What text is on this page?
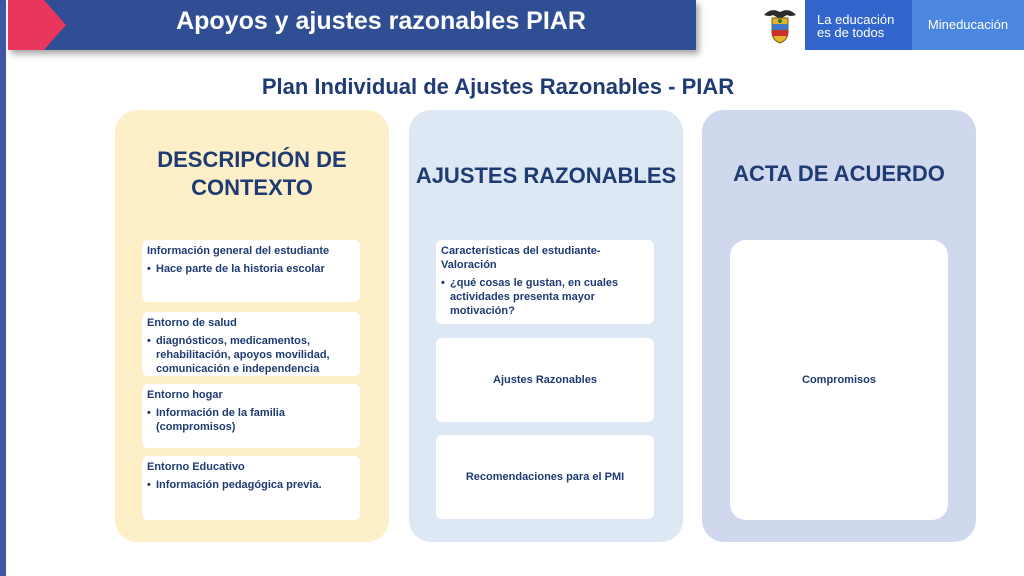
Apoyos y ajustes razonables PIAR	La educación
es de todos
Mineducación
Plan Individual de Ajustes Razonables - PIAR
DESCRIPCIÓN DE
CONTEXTO
Información general del estudiante
• Hace parte de la historia escolar
Entorno de salud
• diagnósticos, medicamentos, rehabilitación, apoyos movilidad, comunicación e independencia
Entorno hogar
• Información de la familia (compromisos)
Entorno Educativo
• Información pedagógica previa.
AJUSTES RAZONABLES
Características del estudiante- Valoración
• ¿qué cosas le gustan, en cuales actividades presenta mayor motivación?
Ajustes Razonables
Recomendaciones para el PMI
ACTA DE ACUERDO
Compromisos
